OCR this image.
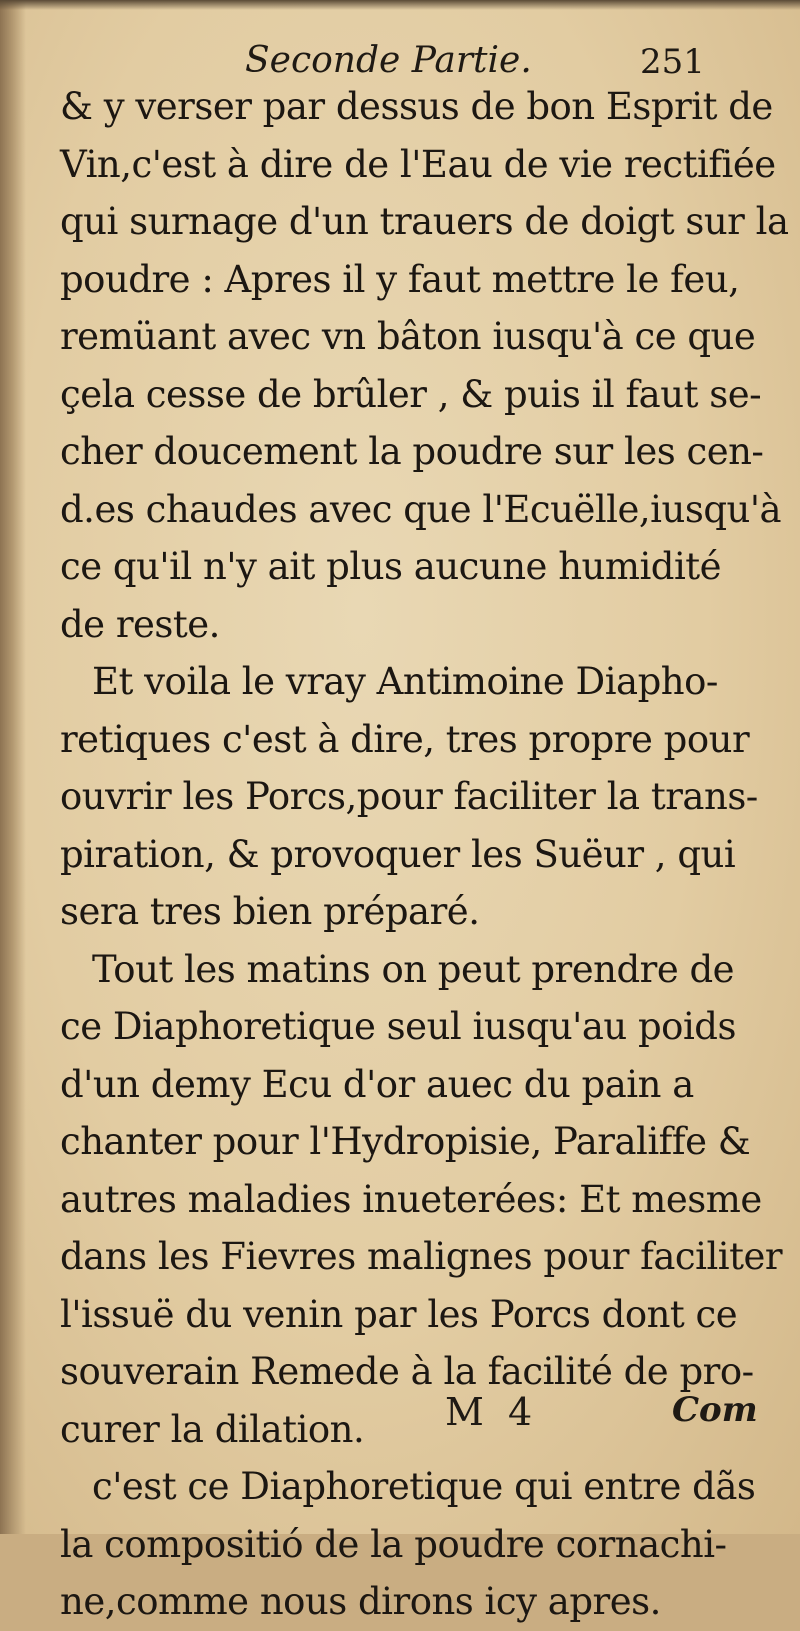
Seconde Partie.	251
& y verser par dessus de bon Esprit de
Vin,c'est à dire de l'Eau de vie rectifiée
qui surnage d'un trauers de doigt sur la
poudre : Apres il y faut mettre le feu,
remüant avec vn bâton iusqu'à ce que
çela cesse de brûler , & puis il faut se-
cher doucement la poudre sur les cen-
d.es chaudes avec que l'Ecuëlle,iusqu'à
ce qu'il n'y ait plus aucune humidité
de reste.
Et voila le vray Antimoine Diapho-
retiques c'est à dire, tres propre pour
ouvrir les Porcs,pour faciliter la trans-
piration, & provoquer les Suëur , qui
sera tres bien préparé.
Tout les matins on peut prendre de
ce Diaphoretique seul iusqu'au poids
d'un demy Ecu d'or auec du pain a
chanter pour l'Hydropisie, Paraliffe &
autres maladies inueterées: Et mesme
dans les Fievres malignes pour faciliter
l'issuë du venin par les Porcs dont ce
souverain Remede à la facilité de pro-
curer la dilation.
c'est ce Diaphoretique qui entre dãs
la compositió de la poudre cornachi-
ne,comme nous dirons icy apres.
M 4	Com
